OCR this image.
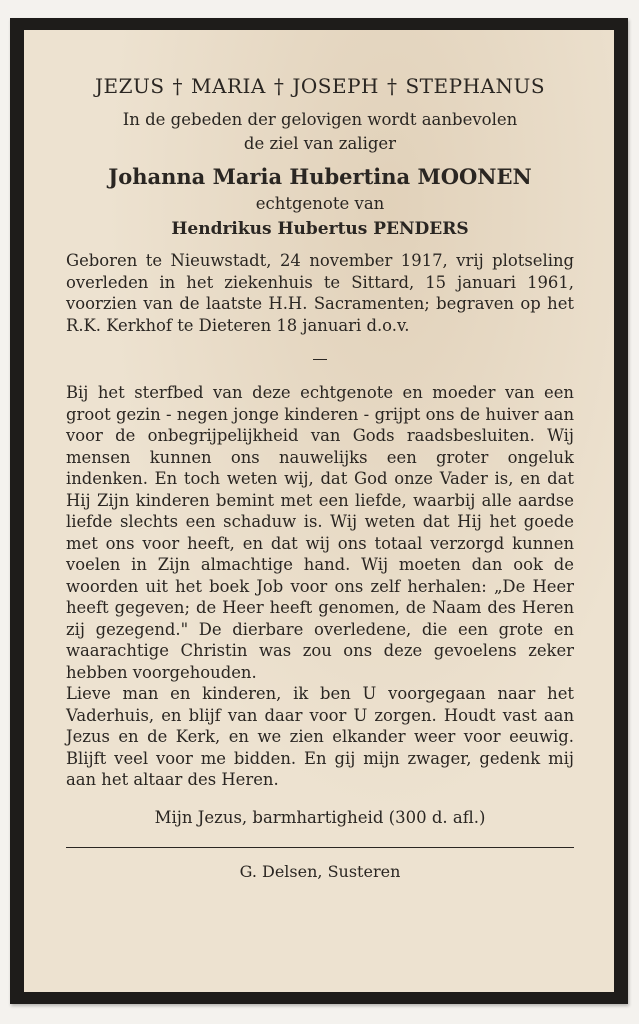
JEZUS † MARIA † JOSEPH † STEPHANUS
In de gebeden der gelovigen wordt aanbevolen
de ziel van zaliger
Johanna Maria Hubertina MOONEN
echtgenote van
Hendrikus Hubertus PENDERS

Geboren te Nieuwstadt, 24 november 1917, vrij plotseling overleden in het ziekenhuis te Sittard, 15 januari 1961, voorzien van de laatste H.H. Sacramenten; begraven op het R.K. Kerkhof te Dieteren 18 januari d.o.v.

Bij het sterfbed van deze echtgenote en moeder van een groot gezin - negen jonge kinderen - grijpt ons de huiver aan voor de onbegrijpelijkheid van Gods raadsbesluiten. Wij mensen kunnen ons nauwelijks een groter ongeluk indenken. En toch weten wij, dat God onze Vader is, en dat Hij Zijn kinderen bemint met een liefde, waarbij alle aardse liefde slechts een schaduw is. Wij weten dat Hij het goede met ons voor heeft, en dat wij ons totaal verzorgd kunnen voelen in Zijn almachtige hand. Wij moeten dan ook de woorden uit het boek Job voor ons zelf herhalen: „De Heer heeft gegeven; de Heer heeft genomen, de Naam des Heren zij gezegend." De dierbare overledene, die een grote en waarachtige Christin was zou ons deze gevoelens zeker hebben voorgehouden.

Lieve man en kinderen, ik ben U voorgegaan naar het Vaderhuis, en blijf van daar voor U zorgen. Houdt vast aan Jezus en de Kerk, en we zien elkander weer voor eeuwig. Blijft veel voor me bidden. En gij mijn zwager, gedenk mij aan het altaar des Heren.

Mijn Jezus, barmhartigheid (300 d. afl.)
G. Delsen, Susteren
